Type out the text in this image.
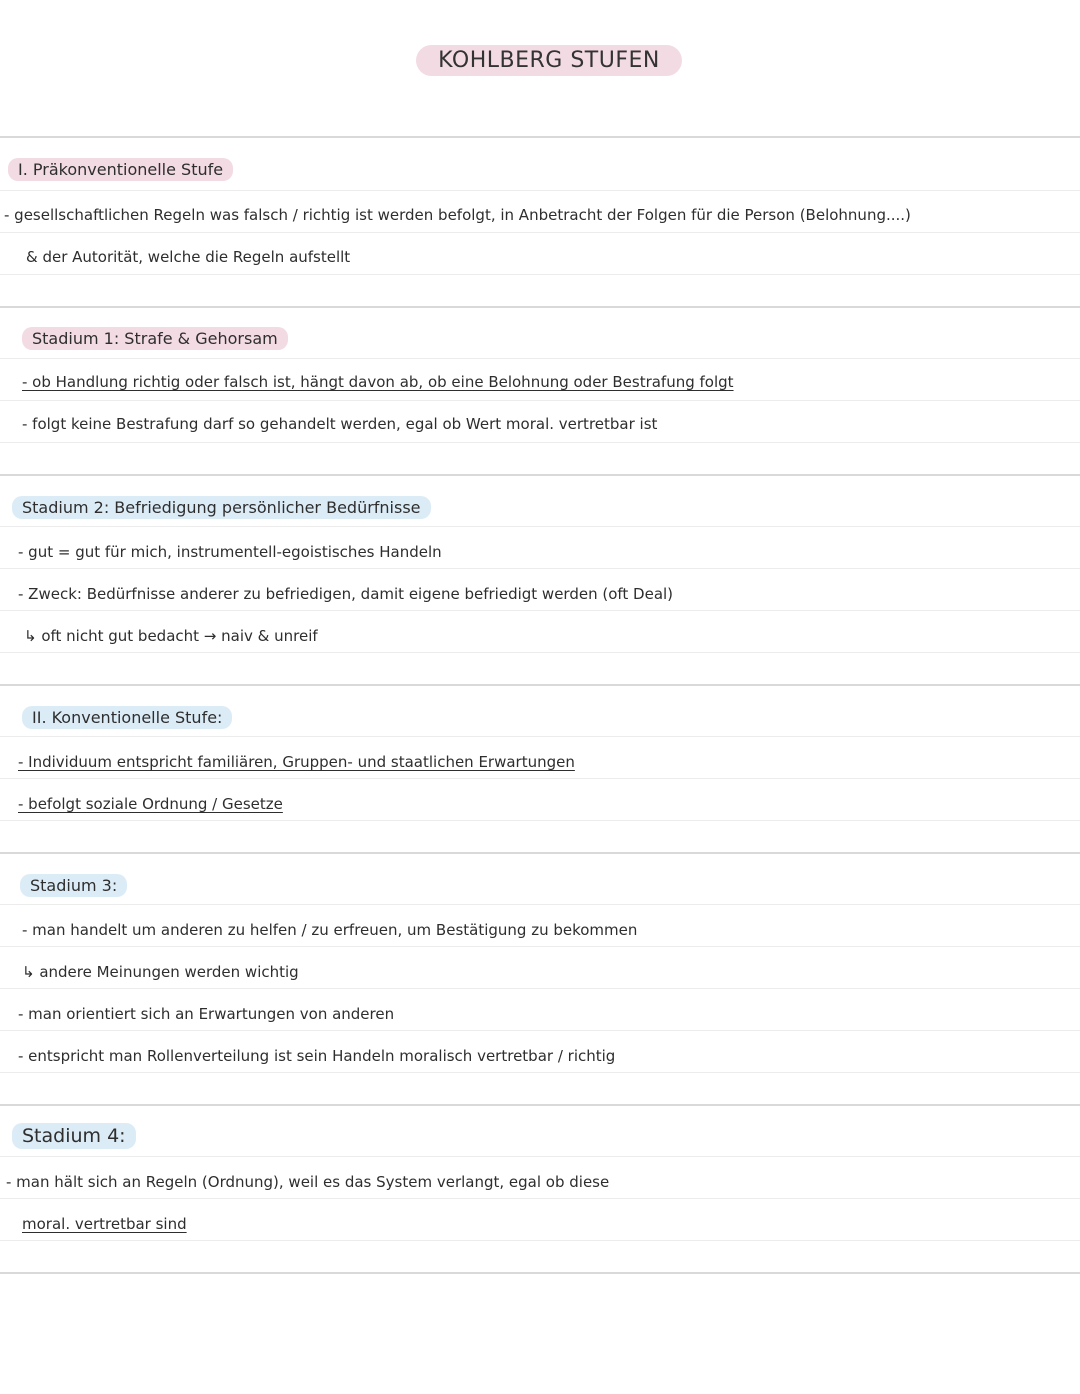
KOHLBERG STUFEN
I. Präkonventionelle Stufe
- gesellschaftlichen Regeln was falsch / richtig ist werden befolgt, in Anbetracht der Folgen für die Person (Belohnung....)
& der Autorität, welche die Regeln aufstellt
Stadium 1: Strafe & Gehorsam
- ob Handlung richtig oder falsch ist, hängt davon ab, ob eine Belohnung oder Bestrafung folgt
- folgt keine Bestrafung darf so gehandelt werden, egal ob Wert moral. vertretbar ist
Stadium 2: Befriedigung persönlicher Bedürfnisse
- gut = gut für mich, instrumentell-egoistisches Handeln
- Zweck: Bedürfnisse anderer zu befriedigen, damit eigene befriedigt werden (oft Deal)
↳ oft nicht gut bedacht → naiv & unreif
II. Konventionelle Stufe:
- Individuum entspricht familiären, Gruppen- und staatlichen Erwartungen
- befolgt soziale Ordnung / Gesetze
Stadium 3:
- man handelt um anderen zu helfen / zu erfreuen, um Bestätigung zu bekommen
↳ andere Meinungen werden wichtig
- man orientiert sich an Erwartungen von anderen
- entspricht man Rollenverteilung ist sein Handeln moralisch vertretbar / richtig
Stadium 4:
- man hält sich an Regeln (Ordnung), weil es das System verlangt, egal ob diese
moral. vertretbar sind
